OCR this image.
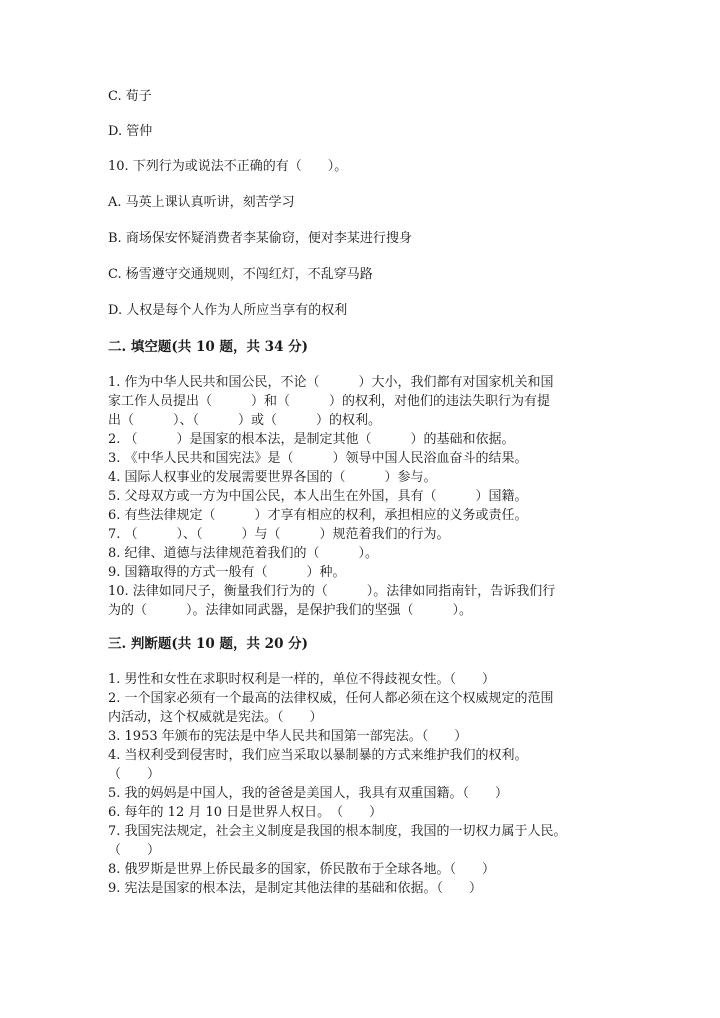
C. 荀子
D. 管仲
10. 下列行为或说法不正确的有（　　）。
A. 马英上课认真听讲，刻苦学习
B. 商场保安怀疑消费者李某偷窃，便对李某进行搜身
C. 杨雪遵守交通规则，不闯红灯，不乱穿马路
D. 人权是每个人作为人所应当享有的权利
二. 填空题(共 10 题，共 34 分)
1. 作为中华人民共和国公民，不论（　　　）大小，我们都有对国家机关和国
家工作人员提出（　　　）和（　　　）的权利，对他们的违法失职行为有提
出（　　　）、（　　　）或（　　　）的权利。
2. （　　　）是国家的根本法，是制定其他（　　　）的基础和依据。
3. 《中华人民共和国宪法》是（　　　）领导中国人民浴血奋斗的结果。
4. 国际人权事业的发展需要世界各国的（　　　）参与。
5. 父母双方或一方为中国公民，本人出生在外国，具有（　　　）国籍。
6. 有些法律规定（　　　）才享有相应的权利，承担相应的义务或责任。
7. （　　　）、（　　　）与（　　　）规范着我们的行为。
8. 纪律、道德与法律规范着我们的（　　　）。
9. 国籍取得的方式一般有（　　　）种。
10. 法律如同尺子，衡量我们行为的（　　　）。法律如同指南针，告诉我们行
为的（　　　）。法律如同武器，是保护我们的坚强（　　　）。
三. 判断题(共 10 题，共 20 分)
1. 男性和女性在求职时权利是一样的，单位不得歧视女性。（　　）
2. 一个国家必须有一个最高的法律权威，任何人都必须在这个权威规定的范围
内活动，这个权威就是宪法。（　　）
3. 1953 年颁布的宪法是中华人民共和国第一部宪法。（　　）
4. 当权利受到侵害时，我们应当采取以暴制暴的方式来维护我们的权利。
（　　）
5. 我的妈妈是中国人，我的爸爸是美国人，我具有双重国籍。（　　）
6. 每年的 12 月 10 日是世界人权日。　（　　）
7. 我国宪法规定，社会主义制度是我国的根本制度，我国的一切权力属于人民。
（　　）
8. 俄罗斯是世界上侨民最多的国家，侨民散布于全球各地。（　　）
9. 宪法是国家的根本法，是制定其他法律的基础和依据。（　　）
